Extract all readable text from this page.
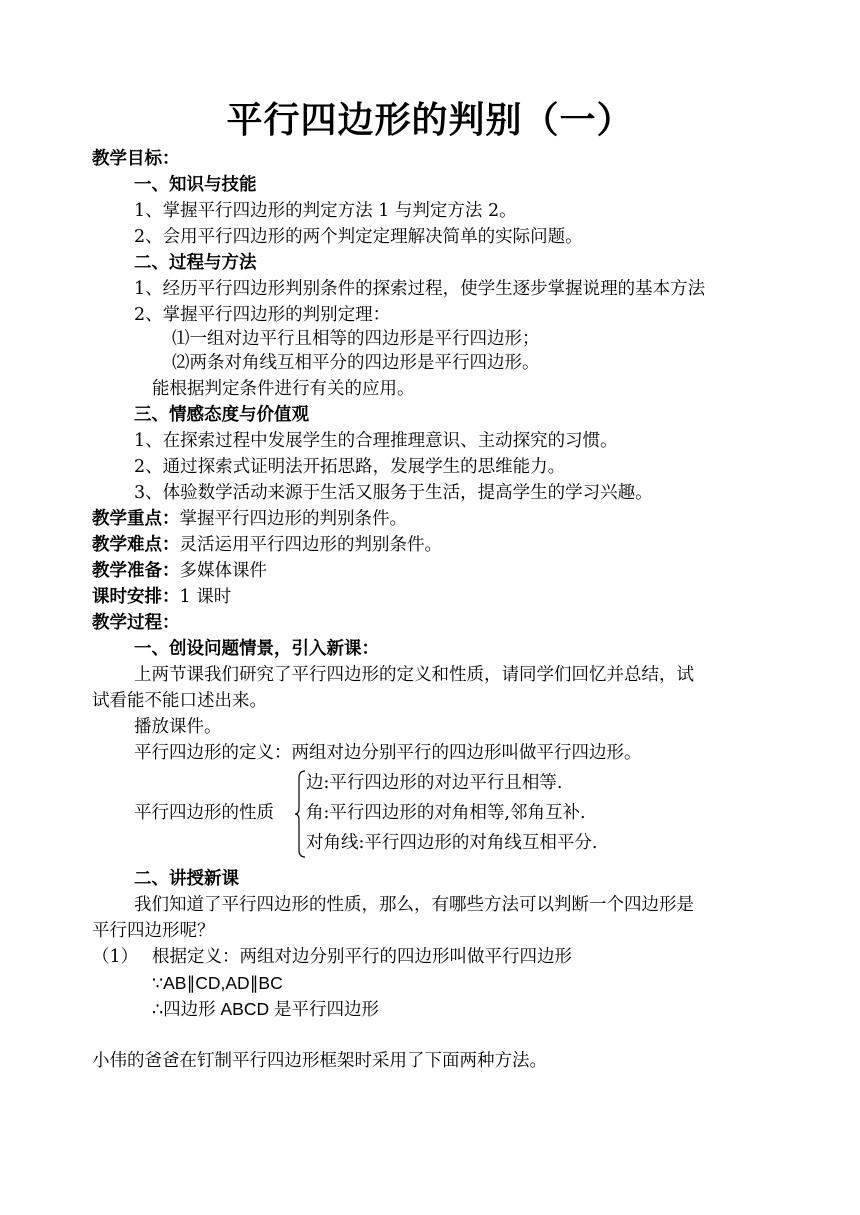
平行四边形的判别（一）
教学目标：
一、知识与技能
1、掌握平行四边形的判定方法 1 与判定方法 2。
2、会用平行四边形的两个判定定理解决简单的实际问题。
二、过程与方法
1、经历平行四边形判别条件的探索过程，使学生逐步掌握说理的基本方法
2、掌握平行四边形的判别定理：
⑴一组对边平行且相等的四边形是平行四边形；
⑵两条对角线互相平分的四边形是平行四边形。
能根据判定条件进行有关的应用。
三、情感态度与价值观
1、在探索过程中发展学生的合理推理意识、主动探究的习惯。
2、通过探索式证明法开拓思路，发展学生的思维能力。
3、体验数学活动来源于生活又服务于生活，提高学生的学习兴趣。
教学重点：掌握平行四边形的判别条件。
教学难点：灵活运用平行四边形的判别条件。
教学准备：多媒体课件
课时安排：1 课时
教学过程：
一、创设问题情景，引入新课：
上两节课我们研究了平行四边形的定义和性质，请同学们回忆并总结，试
试看能不能口述出来。
播放课件。
平行四边形的定义：两组对边分别平行的四边形叫做平行四边形。
平行四边形的性质
边:平行四边形的对边平行且相等.
角:平行四边形的对角相等,邻角互补.
对角线:平行四边形的对角线互相平分.
二、讲授新课
我们知道了平行四边形的性质，那么，有哪些方法可以判断一个四边形是
平行四边形呢？
（1） 根据定义：两组对边分别平行的四边形叫做平行四边形
∵AB∥CD,AD∥BC
∴四边形 ABCD 是平行四边形
小伟的爸爸在钉制平行四边形框架时采用了下面两种方法。
